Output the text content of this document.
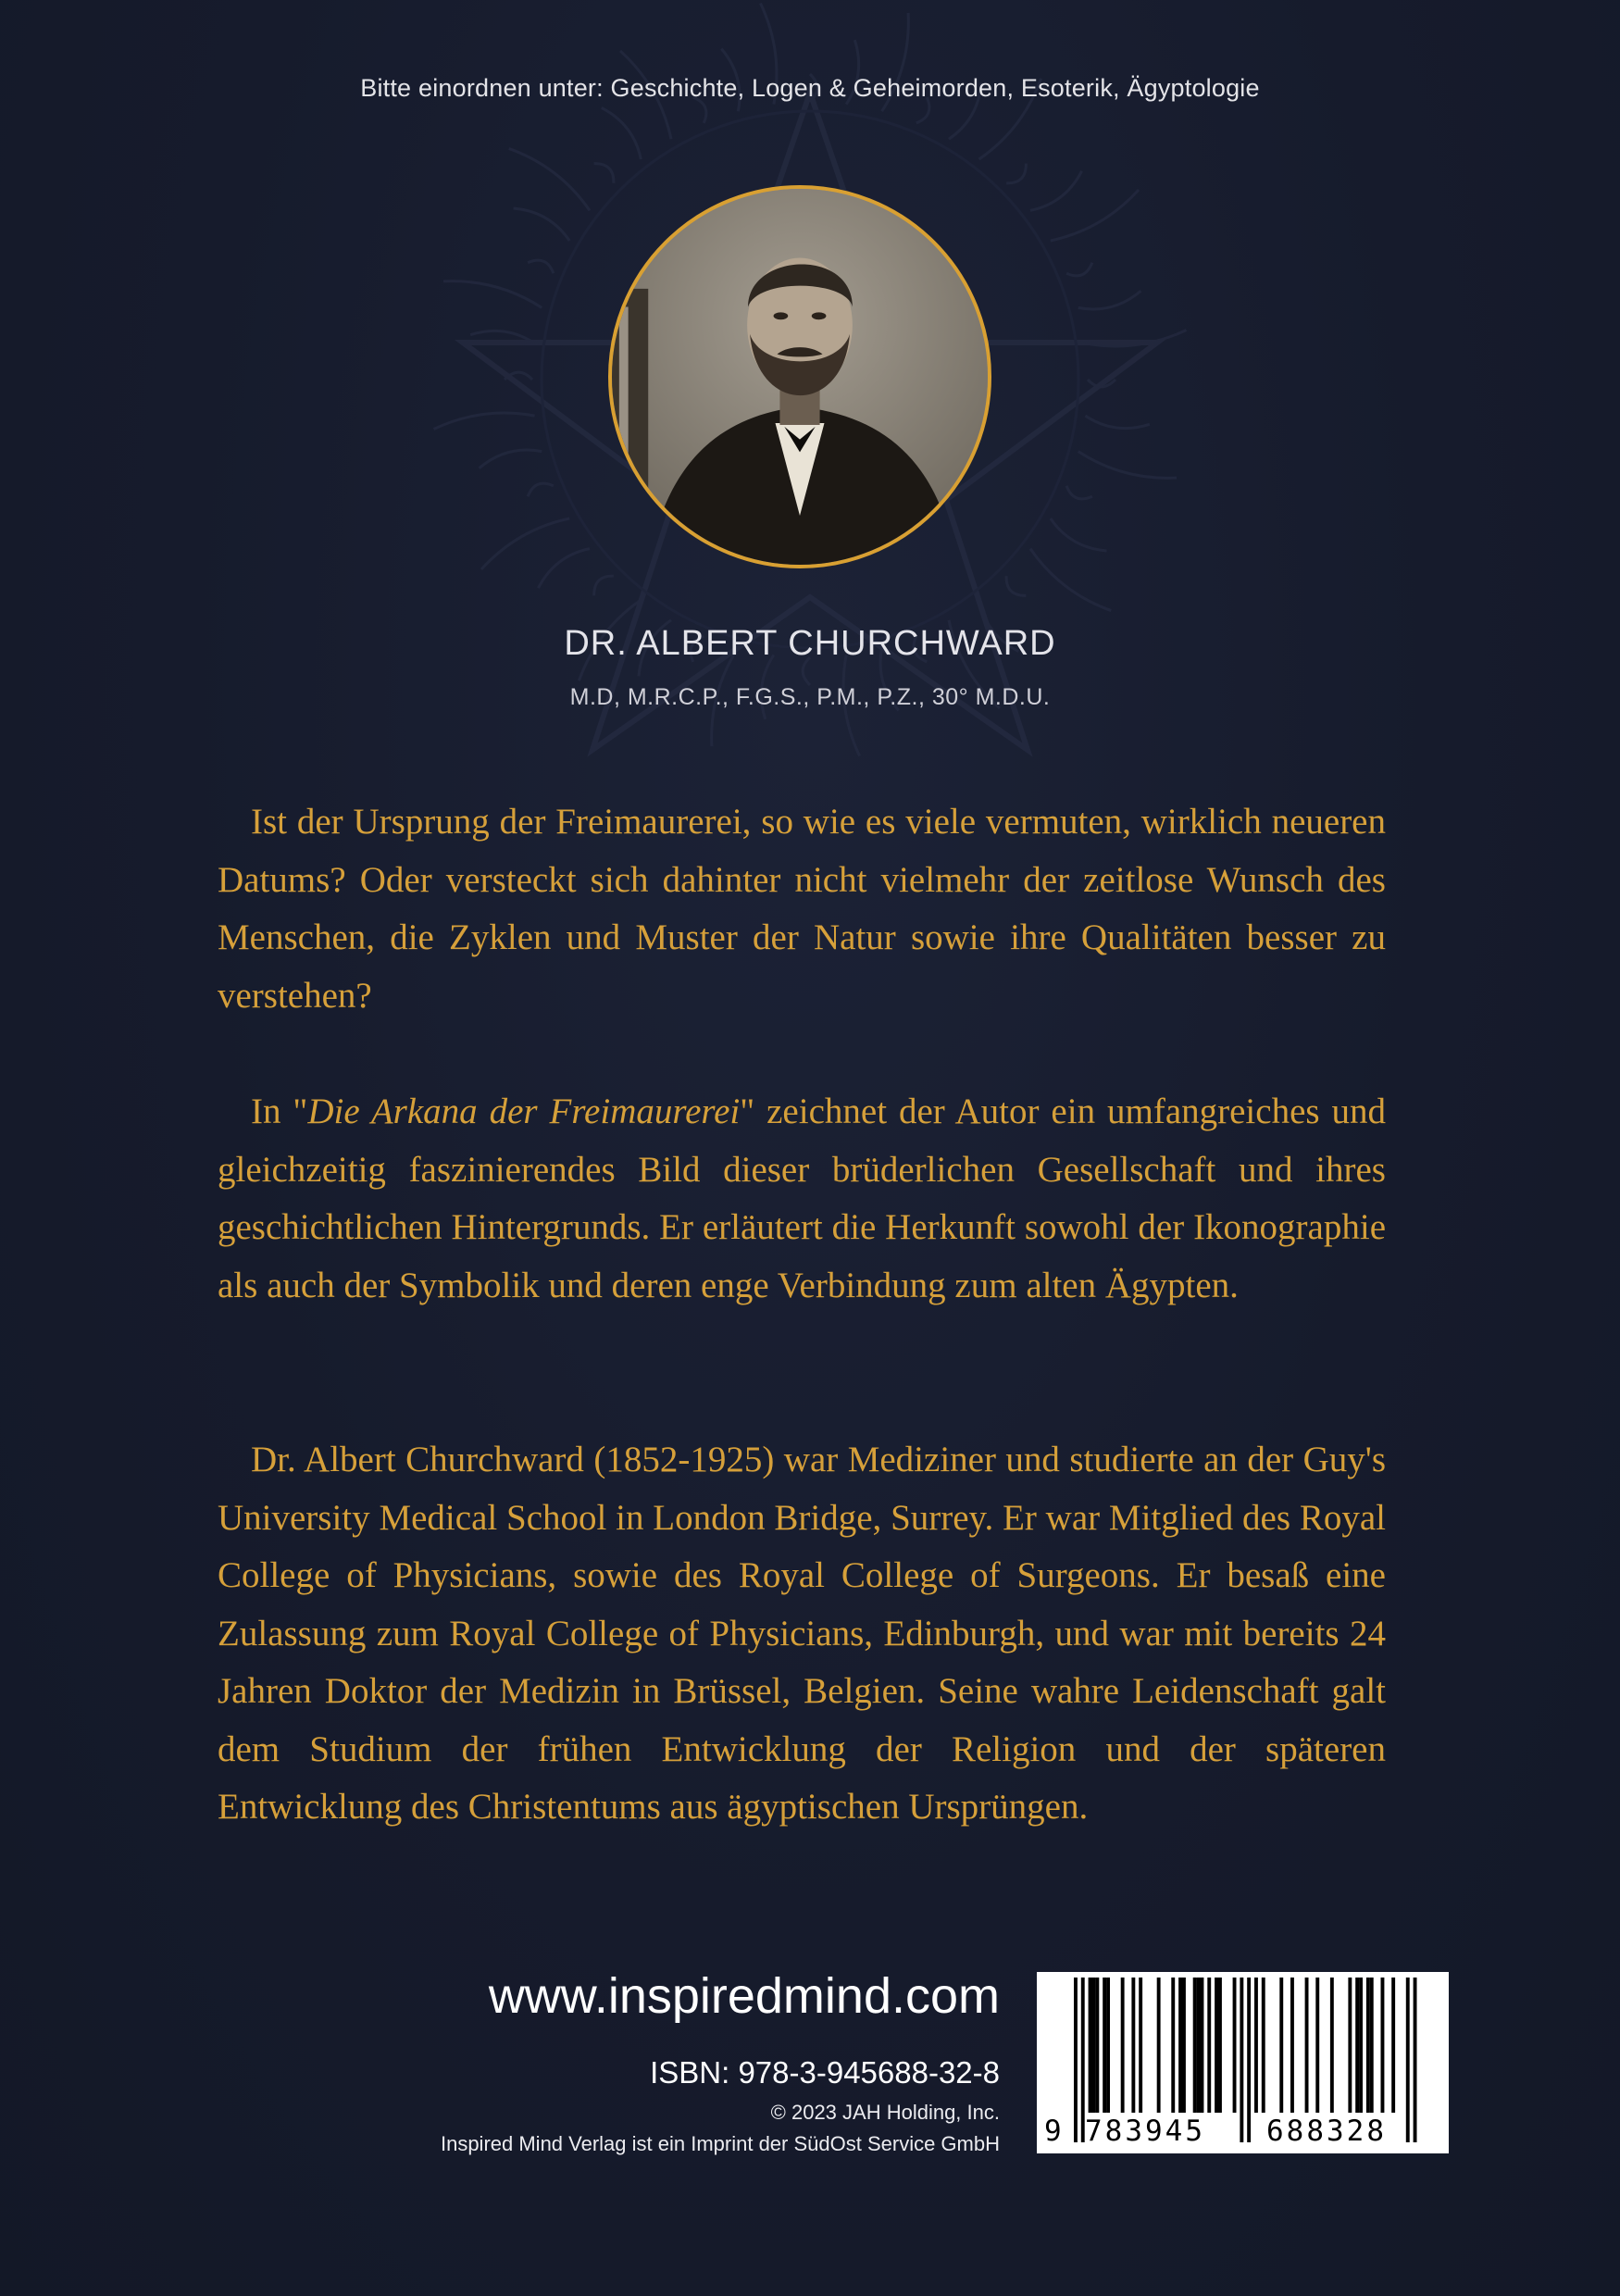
Bitte einordnen unter: Geschichte, Logen & Geheimorden, Esoterik, Ägyptologie
DR. ALBERT CHURCHWARD
M.D, M.R.C.P., F.G.S., P.M., P.Z., 30° M.D.U.

Ist der Ursprung der Freimaurerei, so wie es viele vermuten, wirklich neueren Datums? Oder versteckt sich dahinter nicht vielmehr der zeitlose Wunsch des Menschen, die Zyklen und Muster der Natur sowie ihre Qualitäten besser zu verstehen?

In "Die Arkana der Freimaurerei" zeichnet der Autor ein umfangreiches und gleichzeitig faszinierendes Bild dieser brüderlichen Gesellschaft und ihres geschichtlichen Hintergrunds. Er erläutert die Herkunft sowohl der Ikonographie als auch der Symbolik und deren enge Verbindung zum alten Ägypten.

Dr. Albert Churchward (1852-1925) war Mediziner und studierte an der Guy's University Medical School in London Bridge, Surrey. Er war Mitglied des Royal College of Physicians, sowie des Royal College of Surgeons. Er besaß eine Zulassung zum Royal College of Physicians, Edinburgh, und war mit bereits 24 Jahren Doktor der Medizin in Brüssel, Belgien. Seine wahre Leidenschaft galt dem Studium der frühen Entwicklung der Religion und der späteren Entwicklung des Christentums aus ägyptischen Ursprüngen.

www.inspiredmind.com
ISBN: 978-3-945688-32-8
© 2023 JAH Holding, Inc.
Inspired Mind Verlag ist ein Imprint der SüdOst Service GmbH 9 783945 688328
